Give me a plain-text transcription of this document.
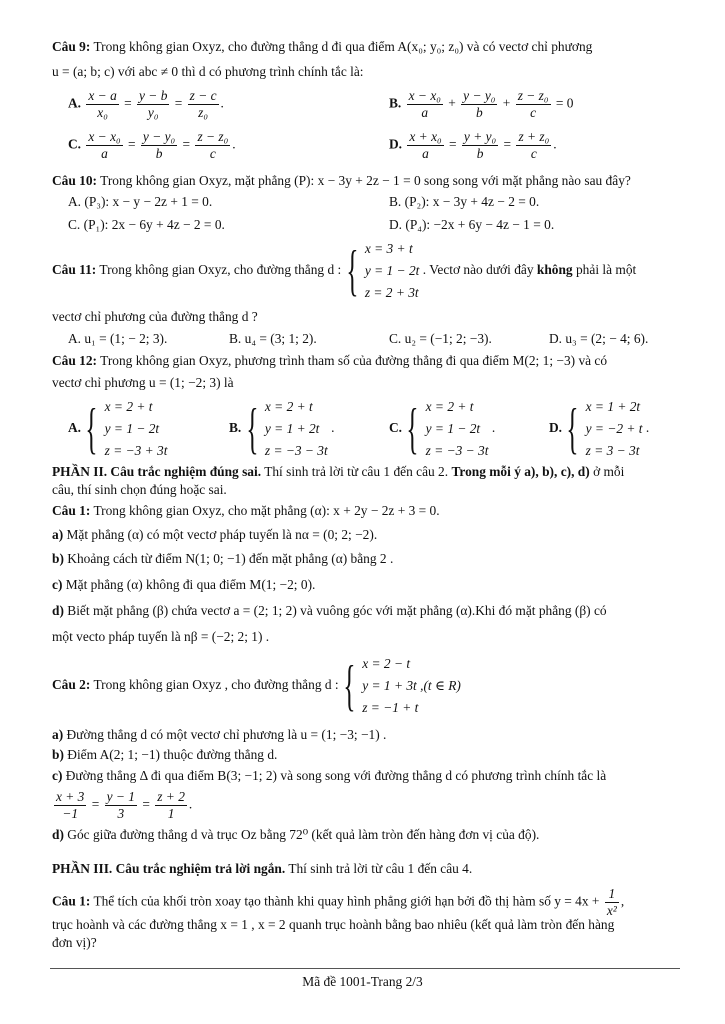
Câu 9: Trong không gian Oxyz, cho đường thẳng d đi qua điểm A(x₀; y₀; z₀) và có vectơ chỉ phương
u = (a; b; c) với abc ≠ 0 thì d có phương trình chính tắc là:
A. $\frac{x - a}{\text{x₀}} = \frac{y - b}{\text{y₀}} = \frac{z - c}{\text{z₀}}$ .	B. $\frac{\text{x − x₀}}{a} + \frac{\text{y − y₀}}{b} + \frac{\text{z − z₀}}{c} = 0$
C. $\frac{\text{x − x₀}}{a} = \frac{\text{y − y₀}}{b} = \frac{\text{z − z₀}}{c}$ .	D. $\frac{\text{x + x₀}}{a} = \frac{\text{y + y₀}}{b} = \frac{\text{z + z₀}}{c}$ .
Câu 10: Trong không gian Oxyz, mặt phẳng (P): x − 3y + 2z − 1 = 0 song song với mặt phẳng nào sau đây?
A. (P₃): x − y − 2z + 1 = 0.	B. (P₂): x − 3y + 4z − 2 = 0.
C. (P₁): 2x − 6y + 4z − 2 = 0.	D. (P₄): −2x + 6y − 4z − 1 = 0.
Câu 11: Trong không gian Oxyz, cho đường thẳng d : { x = 3 + t
y = 1 − 2t
z = 2 + 3t
. Vectơ nào dưới đây không phải là một
vectơ chỉ phương của đường thẳng d ?
A. u₁ = (1; − 2; 3).	B. u₄ = (3; 1; 2).	C. u₂ = (−1; 2; −3).	D. u₃ = (2; − 4; 6).
Câu 12: Trong không gian Oxyz, phương trình tham số của đường thẳng đi qua điểm M(2; 1; −3) và có
vectơ chỉ phương u = (1; −2; 3) là
A. { x = 2 + t
y = 1 − 2t
z = −3 + 3t
B. { x = 2 + t
y = 1 + 2t
z = −3 − 3t
.	C. { x = 2 + t
y = 1 − 2t
z = −3 − 3t
.	D. { x = 1 + 2t
y = −2 + t
z = 3 − 3t
.
PHẦN II. Câu trắc nghiệm đúng sai. Thí sinh trả lời từ câu 1 đến câu 2. Trong mỗi ý a), b), c), d) ở mỗi
câu, thí sinh chọn đúng hoặc sai.
Câu 1: Trong không gian Oxyz, cho mặt phẳng (α): x + 2y − 2z + 3 = 0.
a) Mặt phẳng (α) có một vectơ pháp tuyến là nα = (0; 2; −2).
b) Khoảng cách từ điểm N(1; 0; −1) đến mặt phẳng (α) bằng 2 .
c) Mặt phẳng (α) không đi qua điểm M(1; −2; 0).
d) Biết mặt phẳng (β) chứa vectơ a = (2; 1; 2) và vuông góc với mặt phẳng (α).Khi đó mặt phẳng (β) có
một vecto pháp tuyến là nβ = (−2; 2; 1) .
Câu 2: Trong không gian Oxyz , cho đường thẳng d : { x = 2 − t
y = 1 + 3t ,(t ∈ R)
z = −1 + t
a) Đường thẳng d có một vectơ chỉ phương là u = (1; −3; −1) .
b) Điểm A(2; 1; −1) thuộc đường thẳng d.
c) Đường thẳng Δ đi qua điểm B(3; −1; 2) và song song với đường thẳng d có phương trình chính tắc là
$\frac{x + 3}{-1} = \frac{y - 1}{3} = \frac{z + 2}{1}$ .
d) Góc giữa đường thẳng d và trục Oz bằng 72⁰ (kết quả làm tròn đến hàng đơn vị của độ).
PHẦN III. Câu trắc nghiệm trả lời ngắn. Thí sinh trả lời từ câu 1 đến câu 4.
Câu 1: Thể tích của khối tròn xoay tạo thành khi quay hình phẳng giới hạn bởi đồ thị hàm số $y = 4x + \frac{1}{\text{x²}}$ ,
trục hoành và các đường thẳng x = 1 , x = 2 quanh trục hoành bằng bao nhiêu (kết quả làm tròn đến hàng
đơn vị)?
Mã đề 1001-Trang 2/3
